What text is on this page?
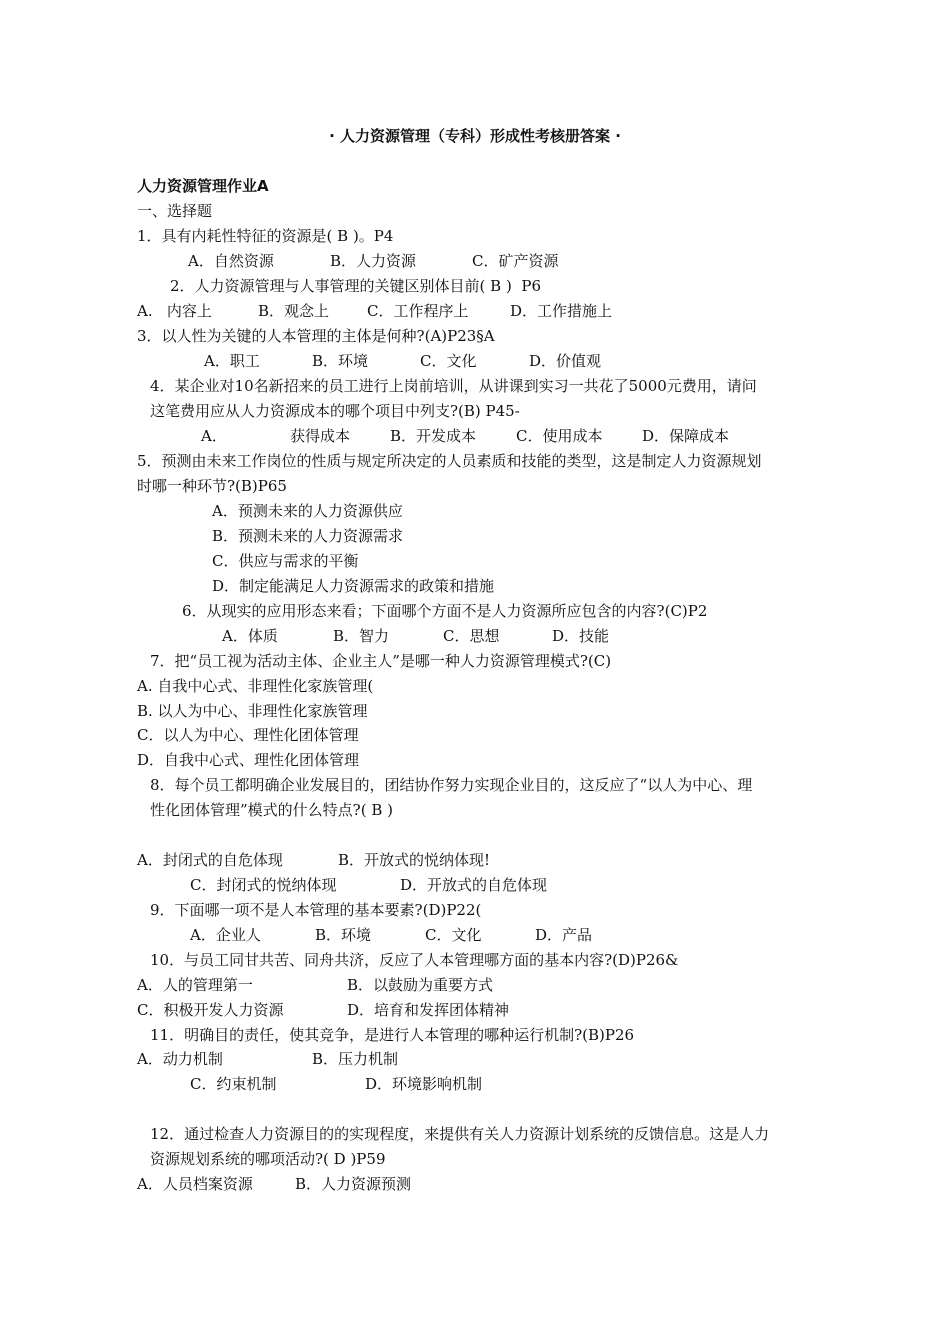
· 人力资源管理（专科）形成性考核册答案 ·
人力资源管理作业A
一、选择题
1．具有内耗性特征的资源是( B )。P4
A．自然资源	B．人力资源	C．矿产资源
2．人力资源管理与人事管理的关键区别体目前( B )  P6
A.   内容上	B．观念上	C．工作程序上	D．工作措施上
3．以人性为关键的人本管理的主体是何种?(A)P23§A
A．职工	B．环境	C．文化	D．价值观
4．某企业对10名新招来的员工进行上岗前培训，从讲课到实习一共花了5000元费用，请问
这笔费用应从人力资源成本的哪个项目中列支?(B) P45-
A．	获得成本	B．开发成本	C．使用成本	D．保障成本
5．预测由未来工作岗位的性质与规定所决定的人员素质和技能的类型，这是制定人力资源规划
时哪一种环节?(B)P65
A．预测未来的人力资源供应
B．预测未来的人力资源需求
C．供应与需求的平衡
D．制定能满足人力资源需求的政策和措施
6．从现实的应用形态来看；下面哪个方面不是人力资源所应包含的内容?(C)P2
A．体质	B．智力	C．思想	D．技能
7．把“员工视为活动主体、企业主人”是哪一种人力资源管理模式?(C)
A. 自我中心式、非理性化家族管理(
B. 以人为中心、非理性化家族管理
C．以人为中心、理性化团体管理
D．自我中心式、理性化团体管理
8．每个员工都明确企业发展目的，团结协作努力实现企业目的，这反应了“以人为中心、理
性化团体管理”模式的什么特点?( B )
A．封闭式的自危体现	B．开放式的悦纳体现!
C．封闭式的悦纳体现	D．开放式的自危体现
9．下面哪一项不是人本管理的基本要素?(D)P22(
A．企业人	B．环境	C．文化	D．产品
10．与员工同甘共苦、同舟共济，反应了人本管理哪方面的基本内容?(D)P26&
A．人的管理第一	B．以鼓励为重要方式
C．积极开发人力资源	D．培育和发挥团体精神
11．明确目的责任，使其竞争，是进行人本管理的哪种运行机制?(B)P26
A．动力机制	B．压力机制
C．约束机制	D．环境影响机制
12．通过检查人力资源目的的实现程度，来提供有关人力资源计划系统的反馈信息。这是人力
资源规划系统的哪项活动?( D )P59
A．人员档案资源	B．人力资源预测
